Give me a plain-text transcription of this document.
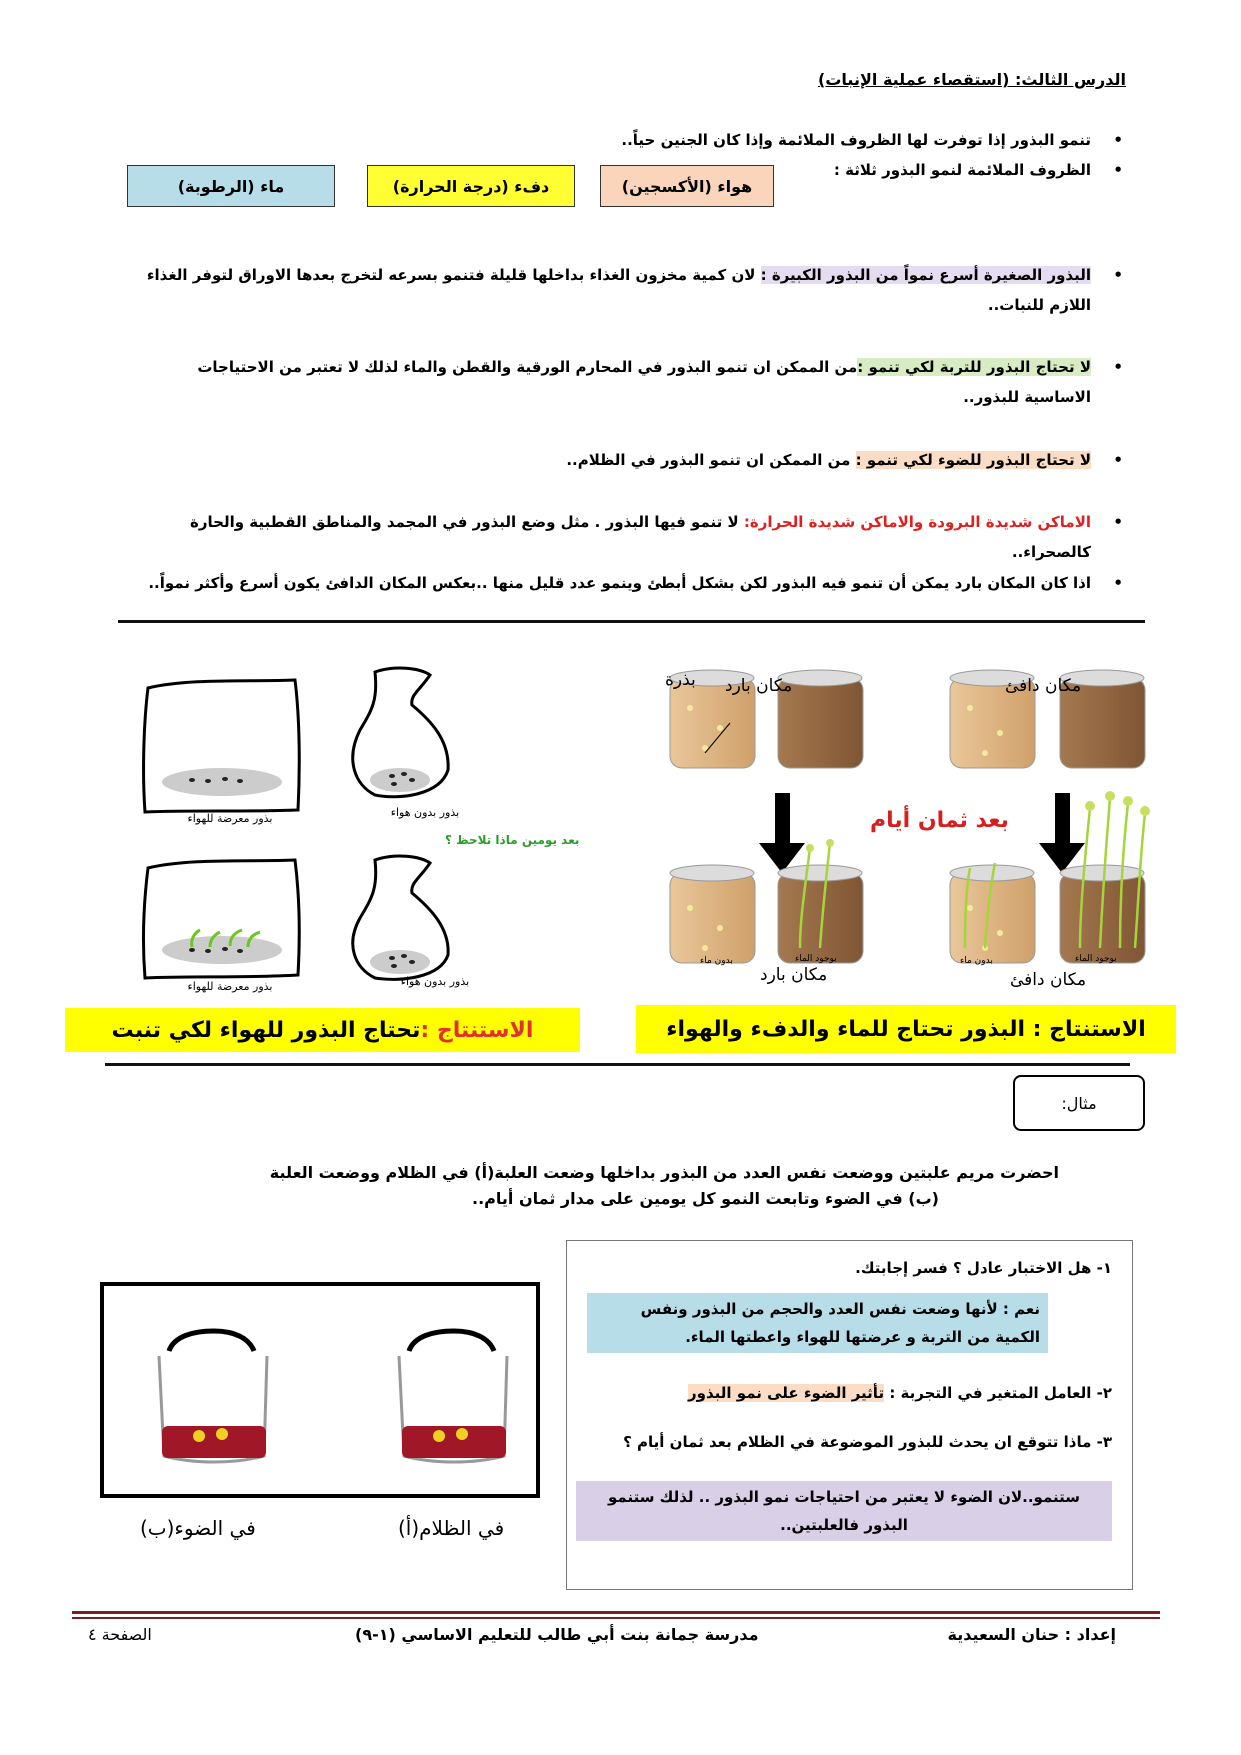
الدرس الثالث: (استقصاء عملية الإنبات)
• تنمو البذور إذا توفرت لها الظروف الملائمة وإذا كان الجنين حياً..
• الظروف الملائمة لنمو البذور ثلاثة :
هواء (الأكسجين)
دفء (درجة الحرارة)
ماء (الرطوبة)
• البذور الصغيرة أسرع نمواً من البذور الكبيرة : لان كمية مخزون الغذاء بداخلها قليلة فتنمو بسرعه لتخرج بعدها الاوراق لتوفر الغذاء اللازم للنبات..
• لا تحتاج البذور للتربة لكي تنمو :من الممكن ان تنمو البذور في المحارم الورقية والقطن والماء لذلك لا تعتبر من الاحتياجات الاساسية للبذور..
• لا تحتاج البذور للضوء لكي تنمو : من الممكن ان تنمو البذور في الظلام..
• الاماكن شديدة البرودة والاماكن شديدة الحرارة: لا تنمو فيها البذور . مثل وضع البذور في المجمد والمناطق القطبية والحارة كالصحراء..
• اذا كان المكان بارد يمكن أن تنمو فيه البذور لكن بشكل أبطئ وينمو عدد قليل منها ..بعكس المكان الدافئ يكون أسرع وأكثر نمواً..
بذور معرضة للهواء	بذور بدون هواء
بعد يومين ماذا تلاحظ ؟
بذور معرضة للهواء	بذور بدون هواء
بذرة مكان بارد	مكان دافئ
بعد ثمان أيام
بدون ماء	بوجود الماء	بدون ماء	بوجود الماء
مكان بارد	مكان دافئ
الاستنتاج :
تحتاج البذور للهواء لكي تنبت	الاستنتاج : البذور تحتاج للماء والدفء والهواء
مثال:
احضرت مريم علبتين ووضعت نفس العدد من البذور بداخلها وضعت العلبة(أ) في الظلام ووضعت العلبة
(ب) في الضوء وتابعت النمو كل يومين على مدار ثمان أيام..
في الضوء(ب)	في الظلام(أ)
١- هل الاختبار عادل ؟ فسر إجابتك.
نعم : لأنها وضعت نفس العدد والحجم من البذور ونفس الكمية من التربة و عرضتها للهواء واعطتها الماء.
٢- العامل المتغير في التجربة : تأثير الضوء على نمو البذور
٣- ماذا تتوقع ان يحدث للبذور الموضوعة في الظلام بعد ثمان أيام ؟
ستنمو..لان الضوء لا يعتبر من احتياجات نمو البذور .. لذلك ستنمو البذور فالعلبتين..
إعداد : حنان السعيدية
مدرسة جمانة بنت أبي طالب للتعليم الاساسي (١-٩)
الصفحة ٤
